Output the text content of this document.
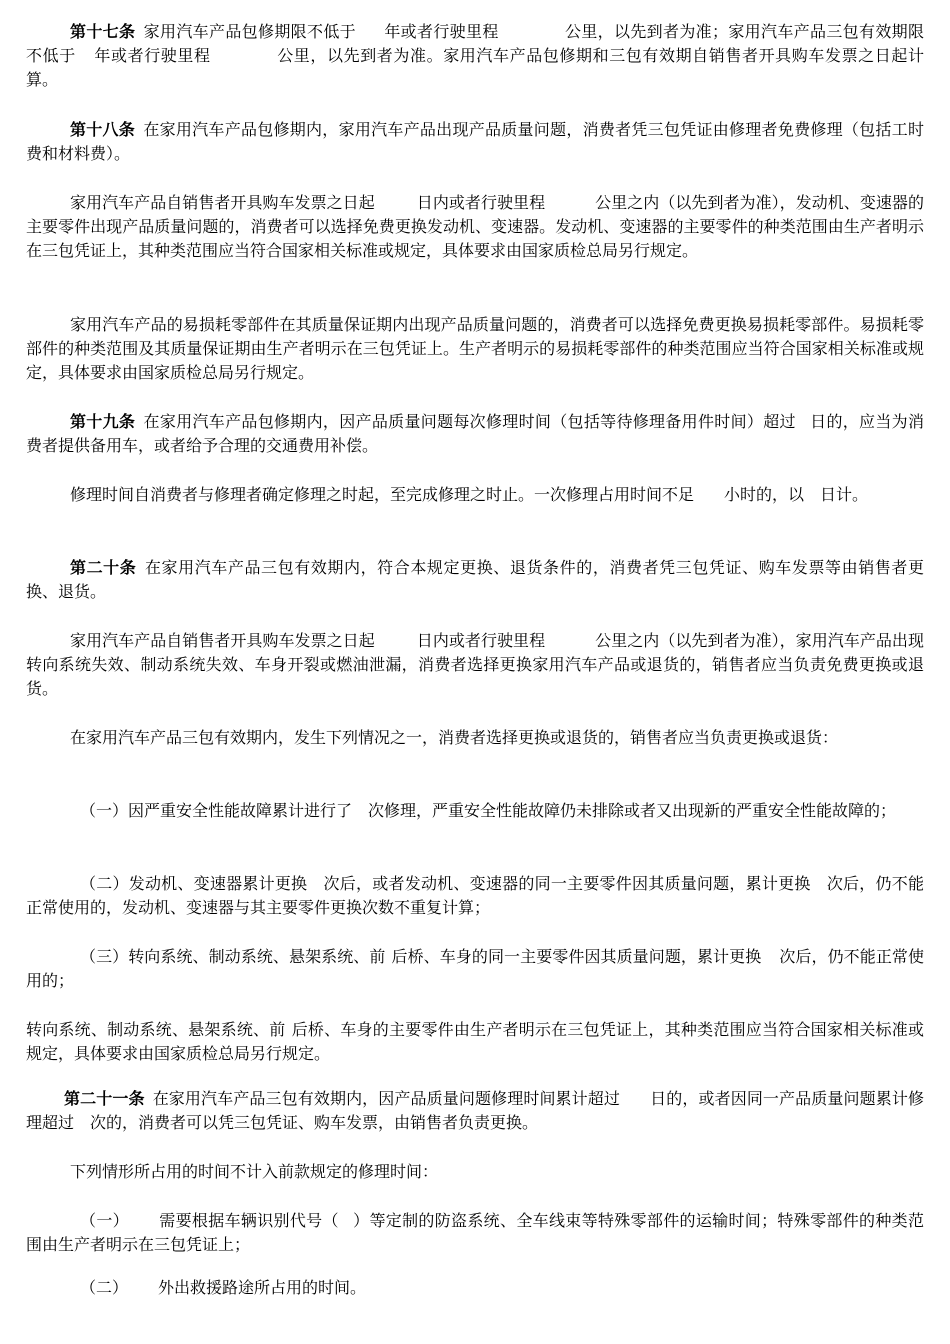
第十七条 家用汽车产品包修期限不低于 年或者行驶里程	公里，以先到者为准；家用汽车产品三包有效期限不低于 年或者行驶里程	公里，以先到者为准。家用汽车产品包修期和三包有效期自销售者开具购车发票之日起计算。

第十八条 在家用汽车产品包修期内，家用汽车产品出现产品质量问题，消费者凭三包凭证由修理者免费修理（包括工时费和材料费）。

家用汽车产品自销售者开具购车发票之日起	日内或者行驶里程	公里之内（以先到者为准），发动机、变速器的主要零件出现产品质量问题的，消费者可以选择免费更换发动机、变速器。发动机、变速器的主要零件的种类范围由生产者明示在三包凭证上，其种类范围应当符合国家相关标准或规定，具体要求由国家质检总局另行规定。

家用汽车产品的易损耗零部件在其质量保证期内出现产品质量问题的，消费者可以选择免费更换易损耗零部件。易损耗零部件的种类范围及其质量保证期由生产者明示在三包凭证上。生产者明示的易损耗零部件的种类范围应当符合国家相关标准或规定，具体要求由国家质检总局另行规定。

第十九条 在家用汽车产品包修期内，因产品质量问题每次修理时间（包括等待修理备用件时间）超过 日的，应当为消费者提供备用车，或者给予合理的交通费用补偿。

修理时间自消费者与修理者确定修理之时起，至完成修理之时止。一次修理占用时间不足 小时的，以 日计。

第二十条 在家用汽车产品三包有效期内，符合本规定更换、退货条件的，消费者凭三包凭证、购车发票等由销售者更换、退货。

家用汽车产品自销售者开具购车发票之日起	日内或者行驶里程	公里之内（以先到者为准），家用汽车产品出现转向系统失效、制动系统失效、车身开裂或燃油泄漏，消费者选择更换家用汽车产品或退货的，销售者应当负责免费更换或退货。

在家用汽车产品三包有效期内，发生下列情况之一，消费者选择更换或退货的，销售者应当负责更换或退货：

（一）因严重安全性能故障累计进行了 次修理，严重安全性能故障仍未排除或者又出现新的严重安全性能故障的；

（二）发动机、变速器累计更换 次后，或者发动机、变速器的同一主要零件因其质量问题，累计更换 次后，仍不能正常使用的，发动机、变速器与其主要零件更换次数不重复计算；

（三）转向系统、制动系统、悬架系统、前 后桥、车身的同一主要零件因其质量问题，累计更换 次后，仍不能正常使用的；

转向系统、制动系统、悬架系统、前 后桥、车身的主要零件由生产者明示在三包凭证上，其种类范围应当符合国家相关标准或规定，具体要求由国家质检总局另行规定。

第二十一条 在家用汽车产品三包有效期内，因产品质量问题修理时间累计超过 日的，或者因同一产品质量问题累计修理超过 次的，消费者可以凭三包凭证、购车发票，由销售者负责更换。

下列情形所占用的时间不计入前款规定的修理时间：

（一） 需要根据车辆识别代号（ ）等定制的防盗系统、全车线束等特殊零部件的运输时间；特殊零部件的种类范围由生产者明示在三包凭证上；

（二） 外出救援路途所占用的时间。
